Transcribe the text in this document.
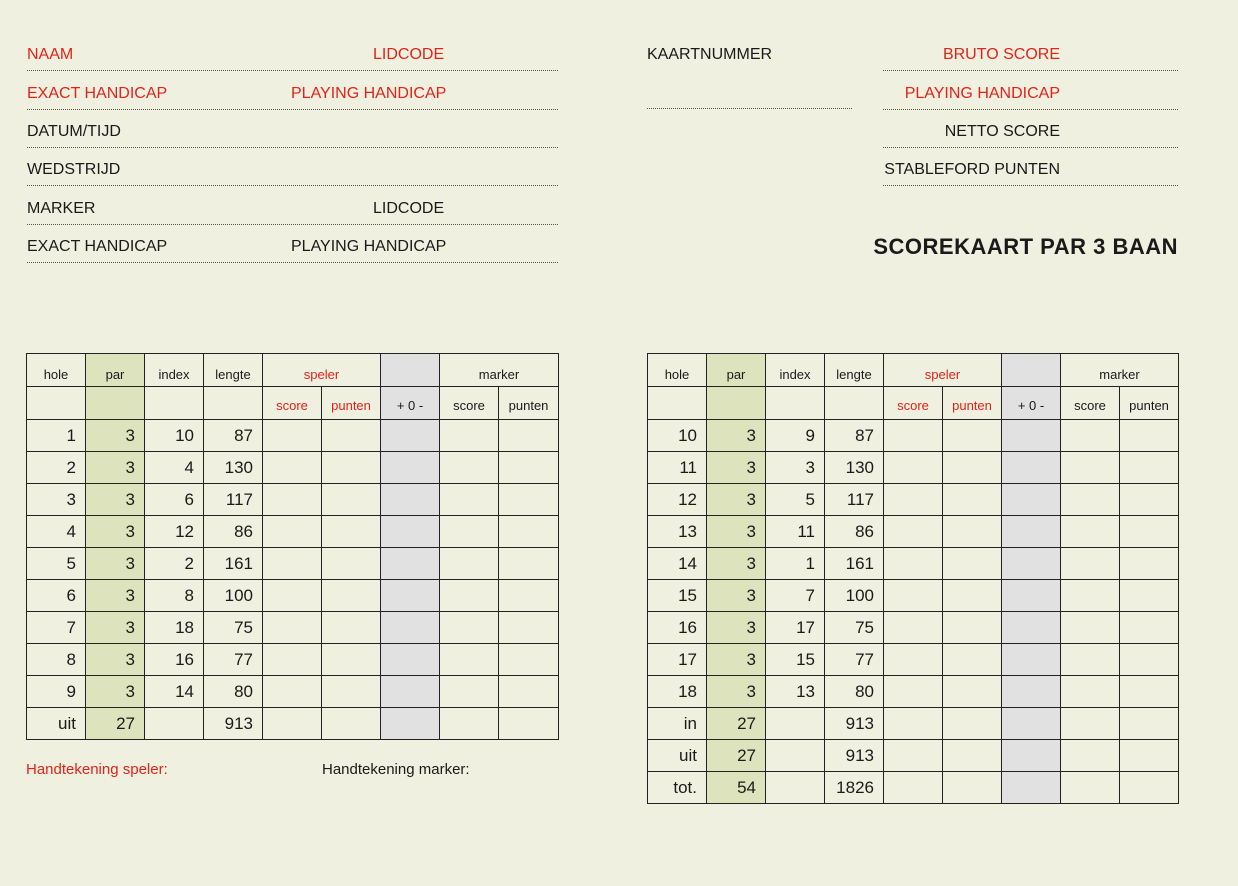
NAAM	LIDCODE
EXACT HANDICAP	PLAYING HANDICAP
DATUM/TIJD
WEDSTRIJD
MARKER	LIDCODE
EXACT HANDICAP	PLAYING HANDICAP
KAARTNUMMER	BRUTO SCORE
PLAYING HANDICAP
NETTO SCORE
STABLEFORD PUNTEN
SCOREKAART PAR 3 BAAN
hole	par	index	lengte	speler			marker	
				score	punten	+ 0 -	score	punten
1	3	10	87					
2	3	4	130					
3	3	6	117					
4	3	12	86					
5	3	2	161					
6	3	8	100					
7	3	18	75					
8	3	16	77					
9	3	14	80					
uit	27		913					
hole	par	index	lengte	speler			marker	
				score	punten	+ 0 -	score	punten
10	3	9	87					
11	3	3	130					
12	3	5	117					
13	3	11	86					
14	3	1	161					
15	3	7	100					
16	3	17	75					
17	3	15	77					
18	3	13	80					
in	27		913					
uit	27		913					
tot.	54		1826					
Handtekening speler:	Handtekening marker:
